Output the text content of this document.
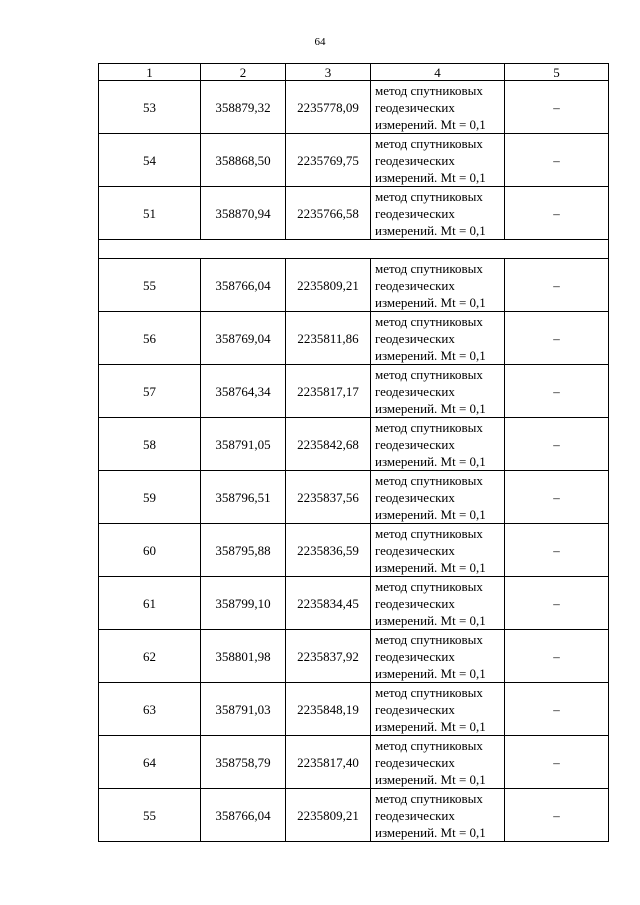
64
1	2	3	4	5
53	358879,32	2235778,09	метод спутниковых
геодезических
измерений. Mt = 0,1	–
54	358868,50	2235769,75	метод спутниковых
геодезических
измерений. Mt = 0,1	–
51	358870,94	2235766,58	метод спутниковых
геодезических
измерений. Mt = 0,1	–

55	358766,04	2235809,21	метод спутниковых
геодезических
измерений. Mt = 0,1	–
56	358769,04	2235811,86	метод спутниковых
геодезических
измерений. Mt = 0,1	–
57	358764,34	2235817,17	метод спутниковых
геодезических
измерений. Mt = 0,1	–
58	358791,05	2235842,68	метод спутниковых
геодезических
измерений. Mt = 0,1	–
59	358796,51	2235837,56	метод спутниковых
геодезических
измерений. Mt = 0,1	–
60	358795,88	2235836,59	метод спутниковых
геодезических
измерений. Mt = 0,1	–
61	358799,10	2235834,45	метод спутниковых
геодезических
измерений. Mt = 0,1	–
62	358801,98	2235837,92	метод спутниковых
геодезических
измерений. Mt = 0,1	–
63	358791,03	2235848,19	метод спутниковых
геодезических
измерений. Mt = 0,1	–
64	358758,79	2235817,40	метод спутниковых
геодезических
измерений. Mt = 0,1	–
55	358766,04	2235809,21	метод спутниковых
геодезических
измерений. Mt = 0,1	–
